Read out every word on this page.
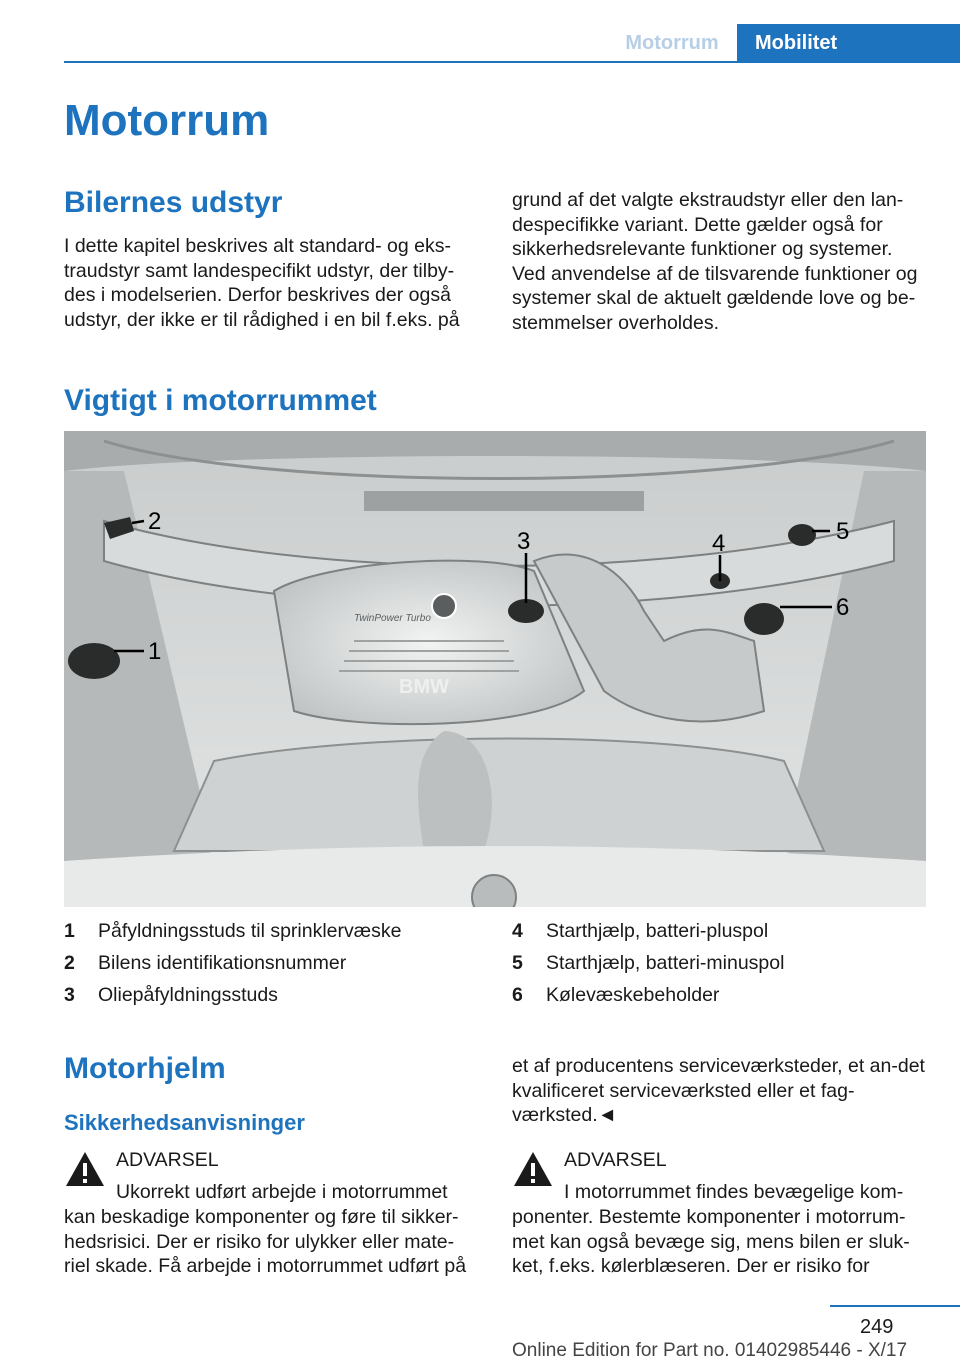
Motorrum	Mobilitet
Motorrum
Bilernes udstyr

I dette kapitel beskrives alt standard- og eks-traudstyr samt landespecifikt udstyr, der tilby-des i modelserien. Derfor beskrives der også udstyr, der ikke er til rådighed i en bil f.eks. på

grund af det valgte ekstraudstyr eller den lan-despecifikke variant. Dette gælder også for sikkerhedsrelevante funktioner og systemer. Ved anvendelse af de tilsvarende funktioner og systemer skal de aktuelt gældende love og be-stemmelser overholdes.

Vigtigt i motorrummet
TwinPower Turbo
BMW
1
2
3	4	5
6
1	Påfyldningsstuds til sprinklervæske
2	Bilens identifikationsnummer
3	Oliepåfyldningsstuds
4	Starthjælp, batteri-pluspol
5	Starthjælp, batteri-minuspol
6	Kølevæskebeholder
Motorhjelm
Sikkerhedsanvisninger

ADVARSEL

Ukorrekt udført arbejde i motorrummet

kan beskadige komponenter og føre til sikker-hedsrisici. Der er risiko for ulykker eller mate-riel skade. Få arbejde i motorrummet udført på

et af producentens serviceværksteder, et an-det kvalificeret serviceværksted eller et fag-værksted.◄

ADVARSEL

I motorrummet findes bevægelige kom-

ponenter. Bestemte komponenter i motorrum-met kan også bevæge sig, mens bilen er sluk-ket, f.eks. kølerblæseren. Der er risiko for

249
Online Edition for Part no. 01402985446 - X/17
